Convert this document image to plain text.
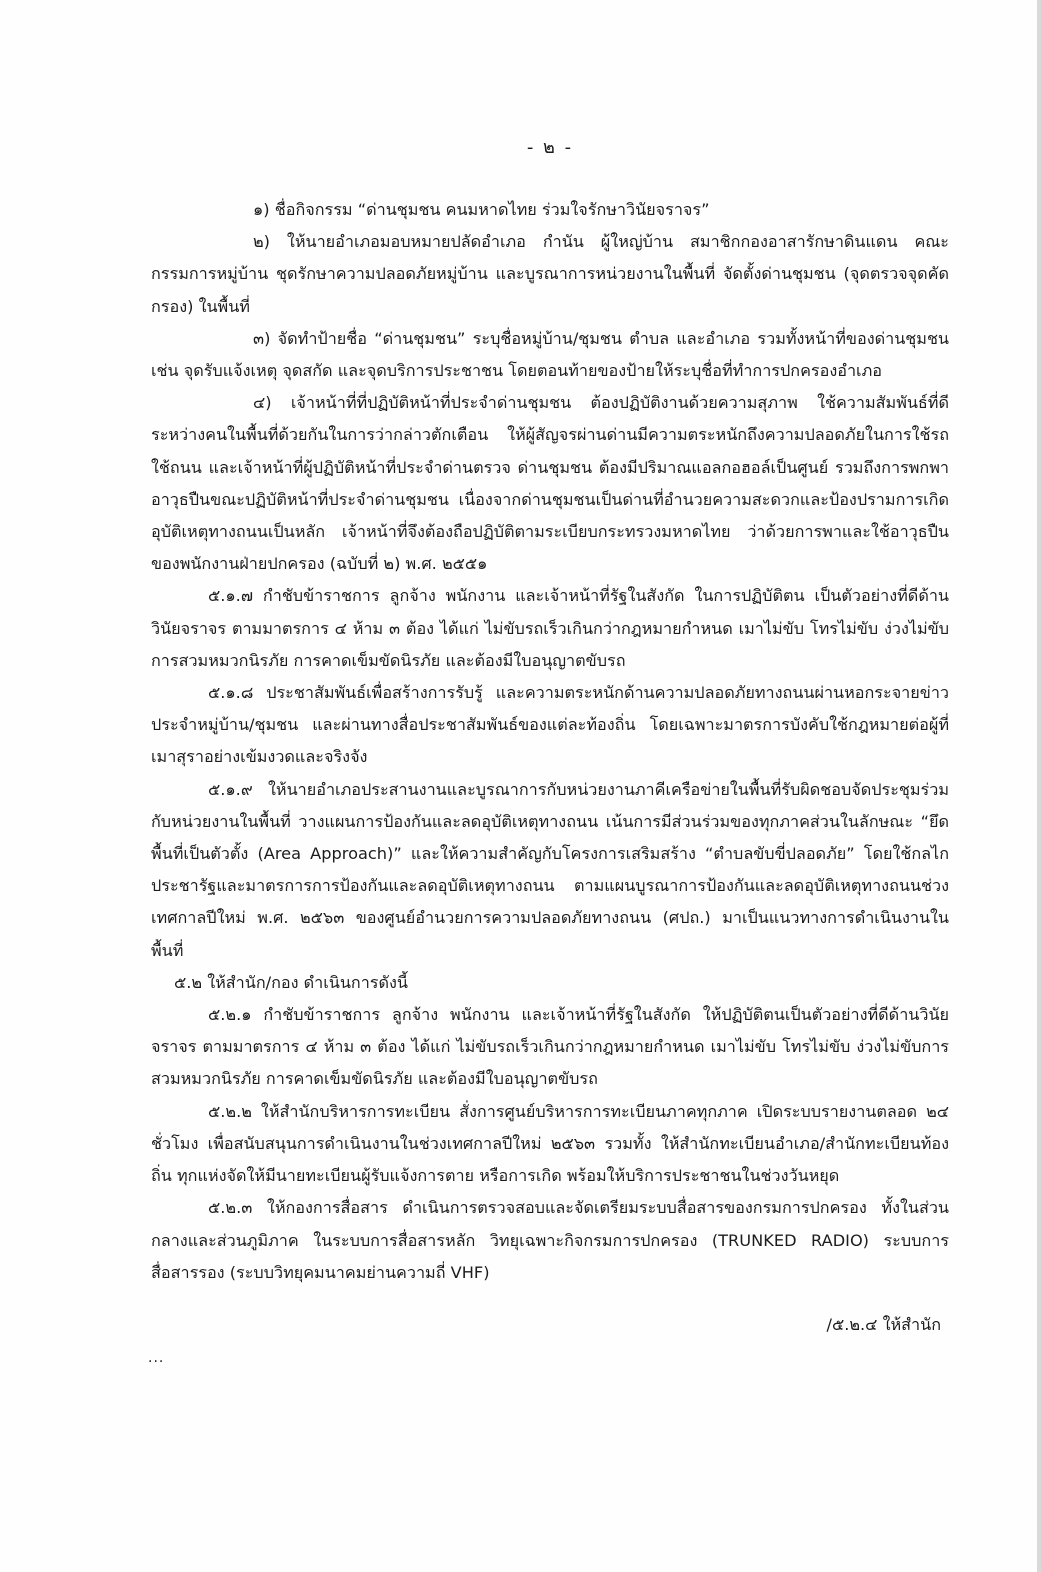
- ๒ -

๑) ชื่อกิจกรรม “ด่านชุมชน คนมหาดไทย ร่วมใจรักษาวินัยจราจร”

๒) ให้นายอำเภอมอบหมายปลัดอำเภอ กำนัน ผู้ใหญ่บ้าน สมาชิกกองอาสารักษาดินแดน คณะกรรมการหมู่บ้าน ชุดรักษาความปลอดภัยหมู่บ้าน และบูรณาการหน่วยงานในพื้นที่ จัดตั้งด่านชุมชน (จุดตรวจจุดคัดกรอง) ในพื้นที่

๓) จัดทำป้ายชื่อ “ด่านชุมชน” ระบุชื่อหมู่บ้าน/ชุมชน ตำบล และอำเภอ รวมทั้งหน้าที่ของด่านชุมชน เช่น จุดรับแจ้งเหตุ จุดสกัด และจุดบริการประชาชน โดยตอนท้ายของป้ายให้ระบุชื่อที่ทำการปกครองอำเภอ

๔) เจ้าหน้าที่ที่ปฏิบัติหน้าที่ประจำด่านชุมชน ต้องปฏิบัติงานด้วยความสุภาพ ใช้ความสัมพันธ์ที่ดีระหว่างคนในพื้นที่ด้วยกันในการว่ากล่าวตักเตือน ให้ผู้สัญจรผ่านด่านมีความตระหนักถึงความปลอดภัยในการใช้รถใช้ถนน และเจ้าหน้าที่ผู้ปฏิบัติหน้าที่ประจำด่านตรวจ ด่านชุมชน ต้องมีปริมาณแอลกอฮอล์เป็นศูนย์ รวมถึงการพกพาอาวุธปืนขณะปฏิบัติหน้าที่ประจำด่านชุมชน เนื่องจากด่านชุมชนเป็นด่านที่อำนวยความสะดวกและป้องปรามการเกิดอุบัติเหตุทางถนนเป็นหลัก เจ้าหน้าที่จึงต้องถือปฏิบัติตามระเบียบกระทรวงมหาดไทย ว่าด้วยการพาและใช้อาวุธปืนของพนักงานฝ่ายปกครอง (ฉบับที่ ๒) พ.ศ. ๒๕๕๑

๕.๑.๗ กำชับข้าราชการ ลูกจ้าง พนักงาน และเจ้าหน้าที่รัฐในสังกัด ในการปฏิบัติตน เป็นตัวอย่างที่ดีด้านวินัยจราจร ตามมาตรการ ๔ ห้าม ๓ ต้อง ได้แก่ ไม่ขับรถเร็วเกินกว่ากฎหมายกำหนด เมาไม่ขับ โทรไม่ขับ ง่วงไม่ขับ การสวมหมวกนิรภัย การคาดเข็มขัดนิรภัย และต้องมีใบอนุญาตขับรถ

๕.๑.๘ ประชาสัมพันธ์เพื่อสร้างการรับรู้ และความตระหนักด้านความปลอดภัยทางถนนผ่านหอกระจายข่าวประจำหมู่บ้าน/ชุมชน และผ่านทางสื่อประชาสัมพันธ์ของแต่ละท้องถิ่น โดยเฉพาะมาตรการบังคับใช้กฎหมายต่อผู้ที่เมาสุราอย่างเข้มงวดและจริงจัง

๕.๑.๙ ให้นายอำเภอประสานงานและบูรณาการกับหน่วยงานภาคีเครือข่ายในพื้นที่รับผิดชอบจัดประชุมร่วมกับหน่วยงานในพื้นที่ วางแผนการป้องกันและลดอุบัติเหตุทางถนน เน้นการมีส่วนร่วมของทุกภาคส่วนในลักษณะ “ยึดพื้นที่เป็นตัวตั้ง (Area Approach)” และให้ความสำคัญกับโครงการเสริมสร้าง “ตำบลขับขี่ปลอดภัย” โดยใช้กลไกประชารัฐและมาตรการการป้องกันและลดอุบัติเหตุทางถนน ตามแผนบูรณาการป้องกันและลดอุบัติเหตุทางถนนช่วงเทศกาลปีใหม่ พ.ศ. ๒๕๖๓ ของศูนย์อำนวยการความปลอดภัยทางถนน (ศปถ.) มาเป็นแนวทางการดำเนินงานในพื้นที่

๕.๒ ให้สำนัก/กอง ดำเนินการดังนี้

๕.๒.๑ กำชับข้าราชการ ลูกจ้าง พนักงาน และเจ้าหน้าที่รัฐในสังกัด ให้ปฏิบัติตนเป็นตัวอย่างที่ดีด้านวินัยจราจร ตามมาตรการ ๔ ห้าม ๓ ต้อง ได้แก่ ไม่ขับรถเร็วเกินกว่ากฎหมายกำหนด เมาไม่ขับ โทรไม่ขับ ง่วงไม่ขับการสวมหมวกนิรภัย การคาดเข็มขัดนิรภัย และต้องมีใบอนุญาตขับรถ

๕.๒.๒ ให้สำนักบริหารการทะเบียน สั่งการศูนย์บริหารการทะเบียนภาคทุกภาค เปิดระบบรายงานตลอด ๒๔ ชั่วโมง เพื่อสนับสนุนการดำเนินงานในช่วงเทศกาลปีใหม่ ๒๕๖๓ รวมทั้ง ให้สำนักทะเบียนอำเภอ/สำนักทะเบียนท้องถิ่น ทุกแห่งจัดให้มีนายทะเบียนผู้รับแจ้งการตาย หรือการเกิด พร้อมให้บริการประชาชนในช่วงวันหยุด

๕.๒.๓ ให้กองการสื่อสาร ดำเนินการตรวจสอบและจัดเตรียมระบบสื่อสารของกรมการปกครอง ทั้งในส่วนกลางและส่วนภูมิภาค ในระบบการสื่อสารหลัก วิทยุเฉพาะกิจกรมการปกครอง (TRUNKED RADIO) ระบบการสื่อสารรอง (ระบบวิทยุคมนาคมย่านความถี่ VHF)

/๕.๒.๔ ให้สำนัก
...
